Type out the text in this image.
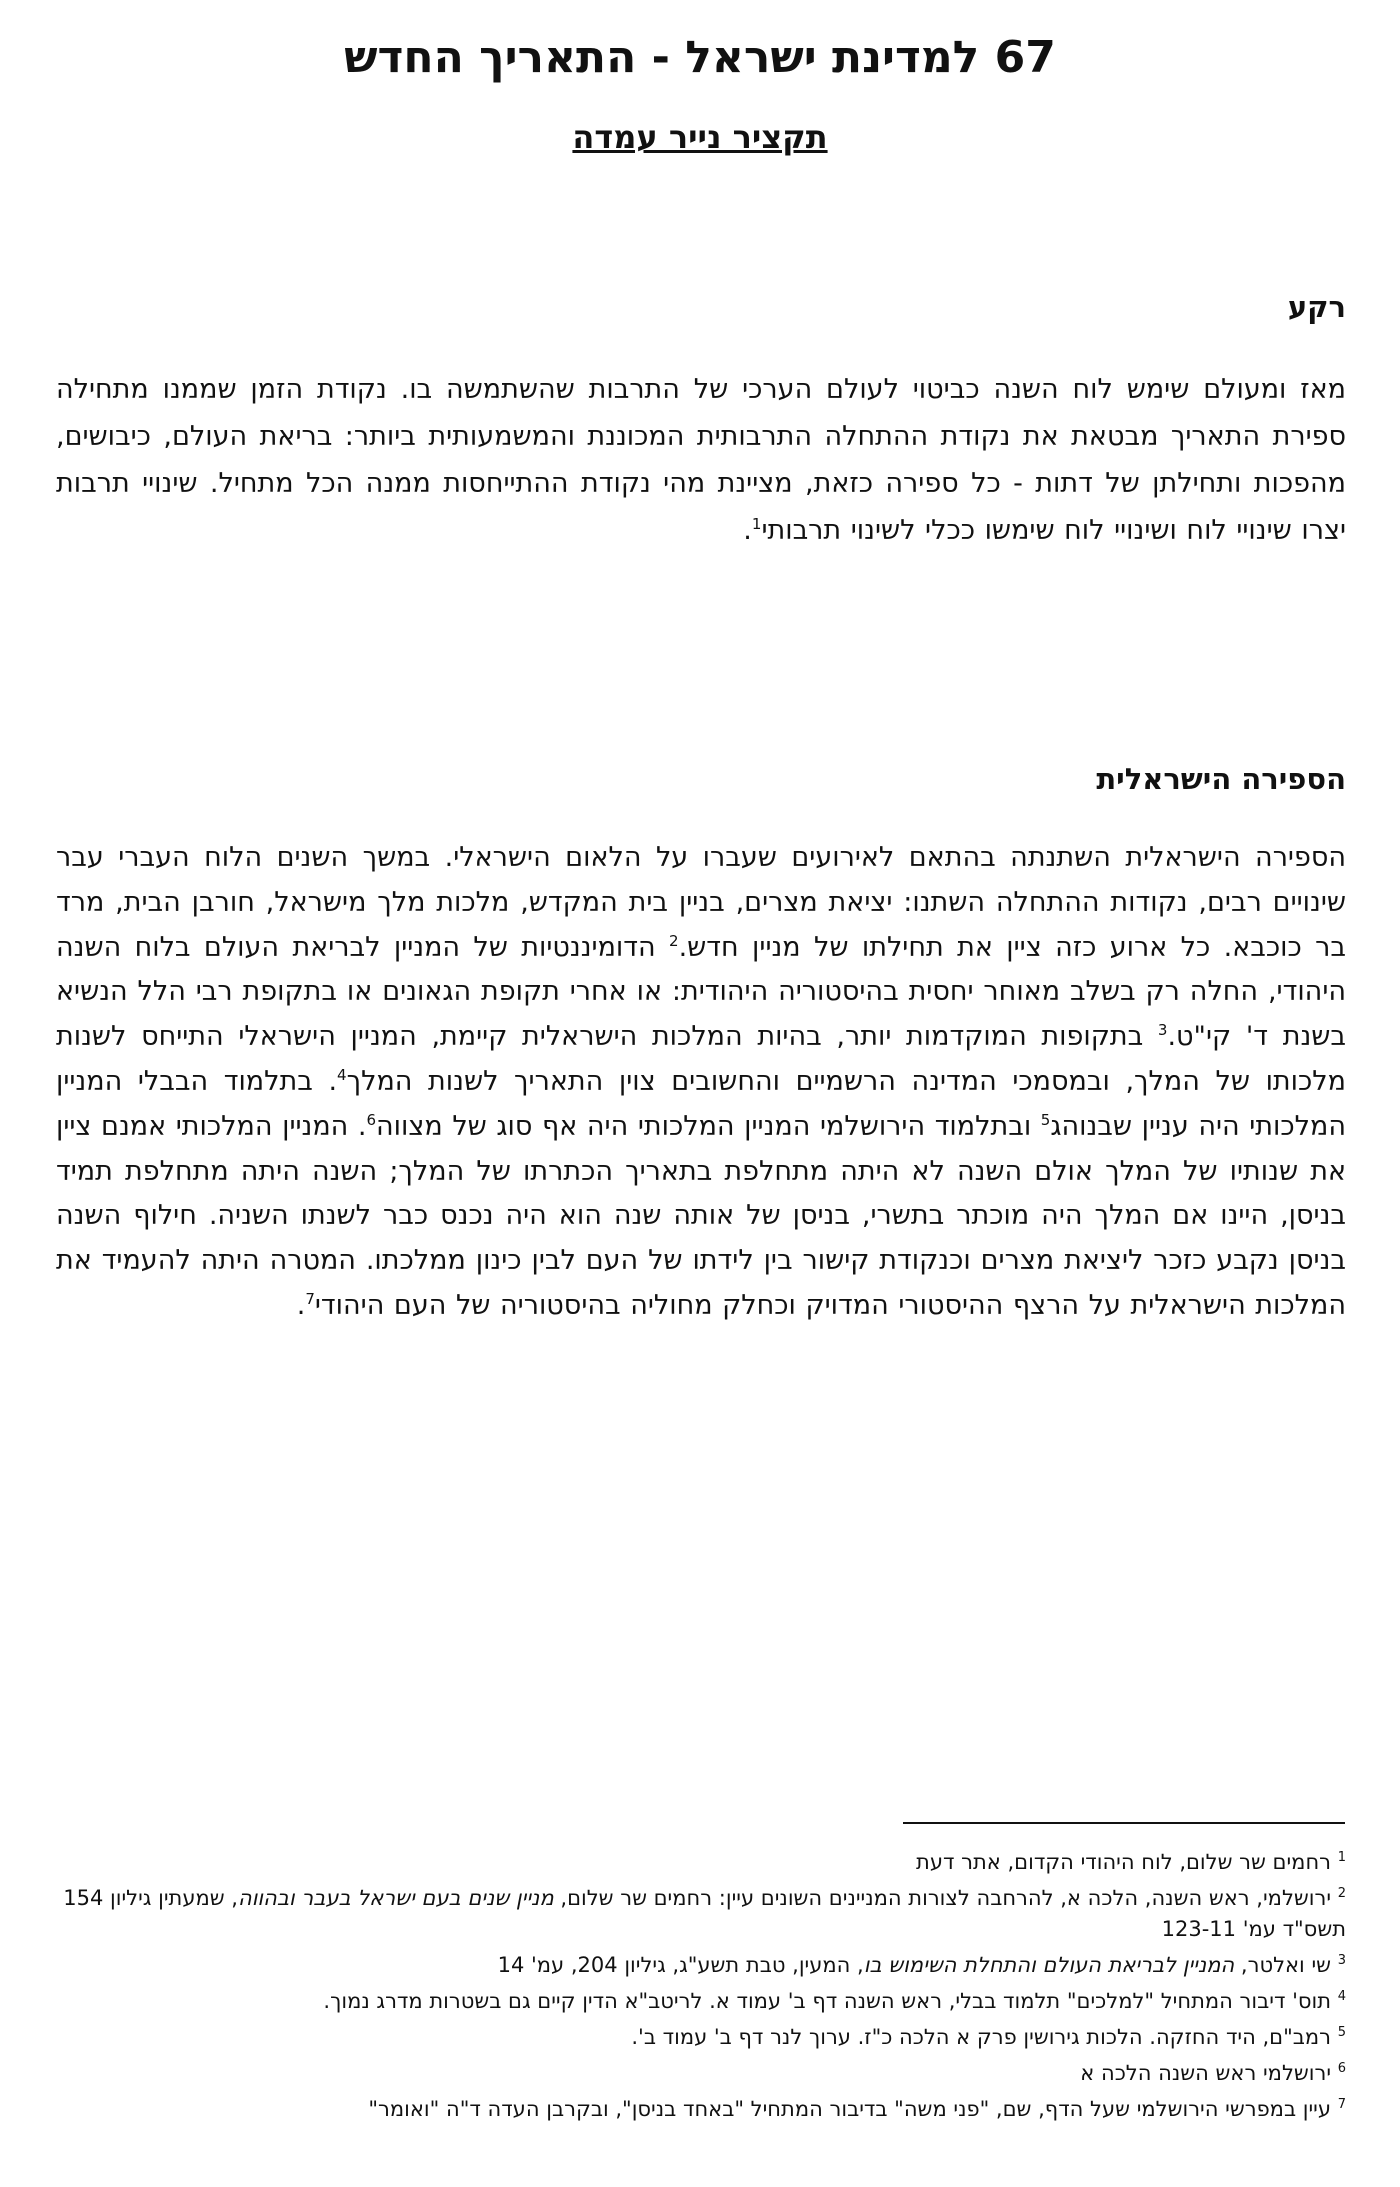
67 למדינת ישראל - התאריך החדש
תקציר נייר עמדה
רקע

מאז ומעולם שימש לוח השנה כביטוי לעולם הערכי של התרבות שהשתמשה בו. נקודת הזמן שממנו מתחילה ספירת התאריך מבטאת את נקודת ההתחלה התרבותית המכוננת והמשמעותית ביותר: בריאת העולם, כיבושים, מהפכות ותחילתן של דתות - כל ספירה כזאת, מציינת מהי נקודת ההתייחסות ממנה הכל מתחיל. שינויי תרבות יצרו שינויי לוח ושינויי לוח שימשו ככלי לשינוי תרבותי$^1$.

הספירה הישראלית

הספירה הישראלית השתנתה בהתאם לאירועים שעברו על הלאום הישראלי. במשך השנים הלוח העברי עבר שינויים רבים, נקודות ההתחלה השתנו: יציאת מצרים, בניין בית המקדש, מלכות מלך מישראל, חורבן הבית, מרד בר כוכבא. כל ארוע כזה ציין את תחילתו של מניין חדש.$^2$ הדומיננטיות של המניין לבריאת העולם בלוח השנה היהודי, החלה רק בשלב מאוחר יחסית בהיסטוריה היהודית: או אחרי תקופת הגאונים או בתקופת רבי הלל הנשיא בשנת ד' קי"ט.$^3$ בתקופות המוקדמות יותר, בהיות המלכות הישראלית קיימת, המניין הישראלי התייחס לשנות מלכותו של המלך, ובמסמכי המדינה הרשמיים והחשובים צוין התאריך לשנות המלך$^4$. בתלמוד הבבלי המניין המלכותי היה עניין שבנוהג$^5$ ובתלמוד הירושלמי המניין המלכותי היה אף סוג של מצווה$^6$. המניין המלכותי אמנם ציין את שנותיו של המלך אולם השנה לא היתה מתחלפת בתאריך הכתרתו של המלך; השנה היתה מתחלפת תמיד בניסן, היינו אם המלך היה מוכתר בתשרי, בניסן של אותה שנה הוא היה נכנס כבר לשנתו השניה. חילוף השנה בניסן נקבע כזכר ליציאת מצרים וכנקודת קישור בין לידתו של העם לבין כינון ממלכתו. המטרה היתה להעמיד את המלכות הישראלית על הרצף ההיסטורי המדויק וכחלק מחוליה בהיסטוריה של העם היהודי$^7$.

$^1$ רחמים שר שלום, לוח היהודי הקדום, אתר דעת
$^2$ ירושלמי, ראש השנה, הלכה א, להרחבה לצורות המניינים השונים עיין: רחמים שר שלום, מניין שנים בעם ישראל בעבר ובהווה, שמעתין גיליון 154 תשס"ד עמ' 123-11
$^3$ שי ואלטר, המניין לבריאת העולם והתחלת השימוש בו, המעין, טבת תשע"ג, גיליון 204, עמ' 14
$^4$ תוס' דיבור המתחיל "למלכים" תלמוד בבלי, ראש השנה דף ב' עמוד א. לריטב"א הדין קיים גם בשטרות מדרג נמוך.
$^5$ רמב"ם, היד החזקה. הלכות גירושין פרק א הלכה כ"ז. ערוך לנר דף ב' עמוד ב'.
$^6$ ירושלמי ראש השנה הלכה א
$^7$ עיין במפרשי הירושלמי שעל הדף, שם, "פני משה" בדיבור המתחיל "באחד בניסן", ובקרבן העדה ד"ה "ואומר"
